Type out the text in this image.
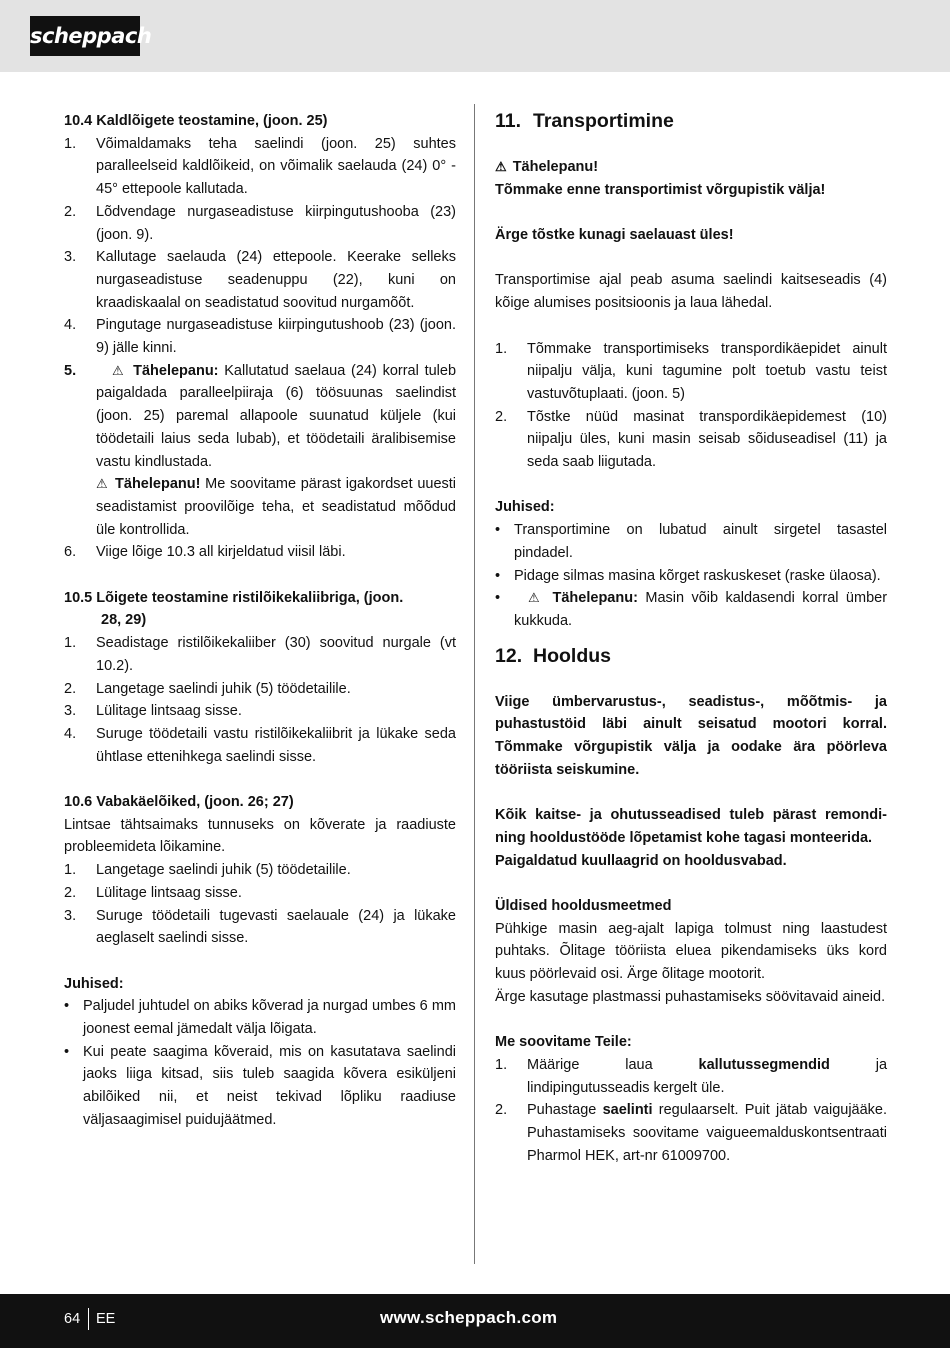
scheppach

10.4 Kaldlõigete teostamine, (joon. 25)

1. Võimaldamaks teha saelindi (joon. 25) suhtes paralleelseid kaldlõikeid, on võimalik saelauda (24) 0° - 45° ettepoole kallutada.
2. Lõdvendage nurgaseadistuse kiirpingutushooba (23) (joon. 9).
3. Kallutage saelauda (24) ettepoole. Keerake selleks nurgaseadistuse seadenuppu (22), kuni on kraadiskaalal on seadistatud soovitud nurgamõõt.
4. Pingutage nurgaseadistuse kiirpingutushoob (23) (joon. 9) jälle kinni.
5. ⚠ Tähelepanu: Kallutatud saelaua (24) korral tuleb paigaldada paralleelpiiraja (6) töösuunas saelindist (joon. 25) paremal allapoole suunatud küljele (kui töödetaili laius seda lubab), et töödetaili äralibisemise vastu kindlustada.
⚠ Tähelepanu! Me soovitame pärast igakordset uuesti seadistamist proovilõige teha, et seadistatud mõõdud üle kontrollida.
6. Viige lõige 10.3 all kirjeldatud viisil läbi.

10.5 Lõigete teostamine ristilõikekaliibriga, (joon.
28, 29)

1. Seadistage ristilõikekaliiber (30) soovitud nurgale (vt 10.2).
2. Langetage saelindi juhik (5) töödetailile.
3. Lülitage lintsaag sisse.
4. Suruge töödetaili vastu ristilõikekaliibrit ja lükake seda ühtlase ettenihkega saelindi sisse.

10.6 Vabakäelõiked, (joon. 26; 27)

Lintsae tähtsaimaks tunnuseks on kõverate ja raadiuste probleemideta lõikamine.

1. Langetage saelindi juhik (5) töödetailile.
2. Lülitage lintsaag sisse.
3. Suruge töödetaili tugevasti saelauale (24) ja lükake aeglaselt saelindi sisse.

Juhised:

• Paljudel juhtudel on abiks kõverad ja nurgad umbes 6 mm joonest eemal jämedalt välja lõigata.
• Kui peate saagima kõveraid, mis on kasutatava saelindi jaoks liiga kitsad, siis tuleb saagida kõvera esiküljeni abilõiked nii, et neist tekivad lõpliku raadiuse väljasaagimisel puidujäätmed.

11. Transportimine

⚠ Tähelepanu!
Tõmmake enne transportimist võrgupistik välja!

Ärge tõstke kunagi saelauast üles!

Transportimise ajal peab asuma saelindi kaitseseadis (4) kõige alumises positsioonis ja laua lähedal.

1. Tõmmake transportimiseks transpordikäepidet ainult niipalju välja, kuni tagumine polt toetub vastu teist vastuvõtuplaati. (joon. 5)
2. Tõstke nüüd masinat transpordikäepidemest (10) niipalju üles, kuni masin seisab sõiduseadisel (11) ja seda saab liigutada.

Juhised:

• Transportimine on lubatud ainult sirgetel tasastel pindadel.
• Pidage silmas masina kõrget raskuskeset (raske ülaosa).
• ⚠ Tähelepanu: Masin võib kaldasendi korral ümber kukkuda.

12. Hooldus

Viige ümbervarustus-, seadistus-, mõõtmis- ja puhastustöid läbi ainult seisatud mootori korral. Tõmmake võrgupistik välja ja oodake ära pöörleva tööriista seiskumine.

Kõik kaitse- ja ohutusseadised tuleb pärast remondi- ning hooldustööde lõpetamist kohe tagasi monteerida.

Paigaldatud kuullaagrid on hooldusvabad.

Üldised hooldusmeetmed

Pühkige masin aeg-ajalt lapiga tolmust ning laastudest puhtaks. Õlitage tööriista eluea pikendamiseks üks kord kuus pöörlevaid osi. Ärge õlitage mootorit.

Ärge kasutage plastmassi puhastamiseks söövitavaid aineid.

Me soovitame Teile:

1. Määrige laua	kallutussegmendid	ja lindipingutusseadis kergelt üle.
2. Puhastage saelinti regulaarselt. Puit jätab vaigujääke. Puhastamiseks soovitame vaigueemalduskontsentraati Pharmol HEK, art-nr 61009700.
64 EE	www.scheppach.com
